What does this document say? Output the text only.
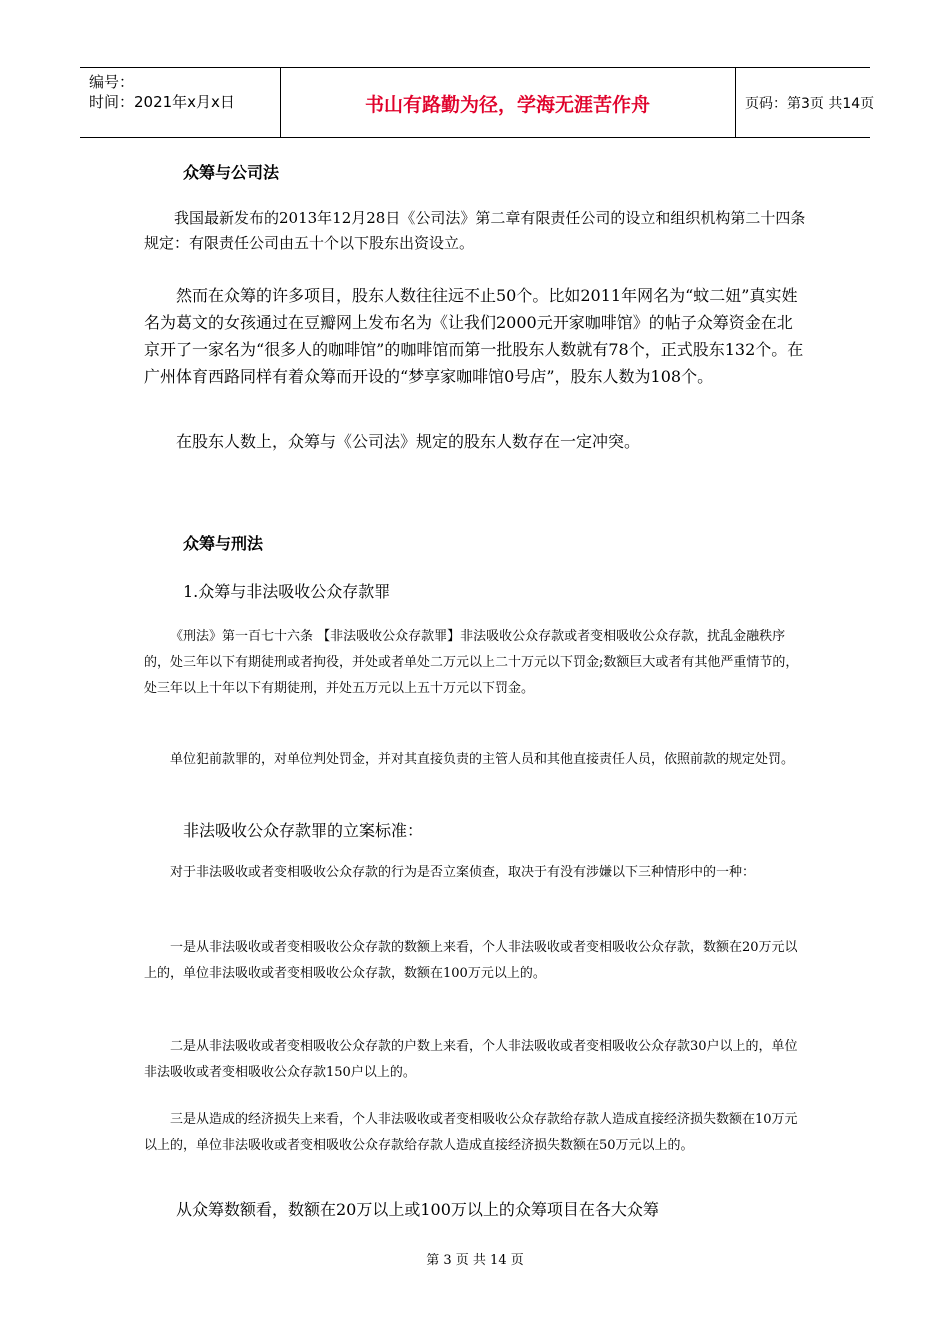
编号：
时间：2021年x月x日	书山有路勤为径，学海无涯苦作舟	页码：第3页 共14页
众筹与公司法

我国最新发布的2013年12月28日《公司法》第二章有限责任公司的设立和组织机构第二十四条规定：有限责任公司由五十个以下股东出资设立。

然而在众筹的许多项目，股东人数往往远不止50个。比如2011年网名为“蚊二妞”真实姓名为葛文的女孩通过在豆瓣网上发布名为《让我们2000元开家咖啡馆》的帖子众筹资金在北京开了一家名为“很多人的咖啡馆”的咖啡馆而第一批股东人数就有78个，正式股东132个。在广州体育西路同样有着众筹而开设的“梦享家咖啡馆0号店”，股东人数为108个。

在股东人数上，众筹与《公司法》规定的股东人数存在一定冲突。

众筹与刑法
1.众筹与非法吸收公众存款罪

《刑法》第一百七十六条 【非法吸收公众存款罪】非法吸收公众存款或者变相吸收公众存款，扰乱金融秩序的，处三年以下有期徒刑或者拘役，并处或者单处二万元以上二十万元以下罚金;数额巨大或者有其他严重情节的，处三年以上十年以下有期徒刑，并处五万元以上五十万元以下罚金。

单位犯前款罪的，对单位判处罚金，并对其直接负责的主管人员和其他直接责任人员，依照前款的规定处罚。

非法吸收公众存款罪的立案标准：

对于非法吸收或者变相吸收公众存款的行为是否立案侦查，取决于有没有涉嫌以下三种情形中的一种：

一是从非法吸收或者变相吸收公众存款的数额上来看，个人非法吸收或者变相吸收公众存款，数额在20万元以上的，单位非法吸收或者变相吸收公众存款，数额在100万元以上的。

二是从非法吸收或者变相吸收公众存款的户数上来看，个人非法吸收或者变相吸收公众存款30户以上的，单位非法吸收或者变相吸收公众存款150户以上的。

三是从造成的经济损失上来看，个人非法吸收或者变相吸收公众存款给存款人造成直接经济损失数额在10万元以上的，单位非法吸收或者变相吸收公众存款给存款人造成直接经济损失数额在50万元以上的。

从众筹数额看，数额在20万以上或100万以上的众筹项目在各大众筹

第 3 页 共 14 页
